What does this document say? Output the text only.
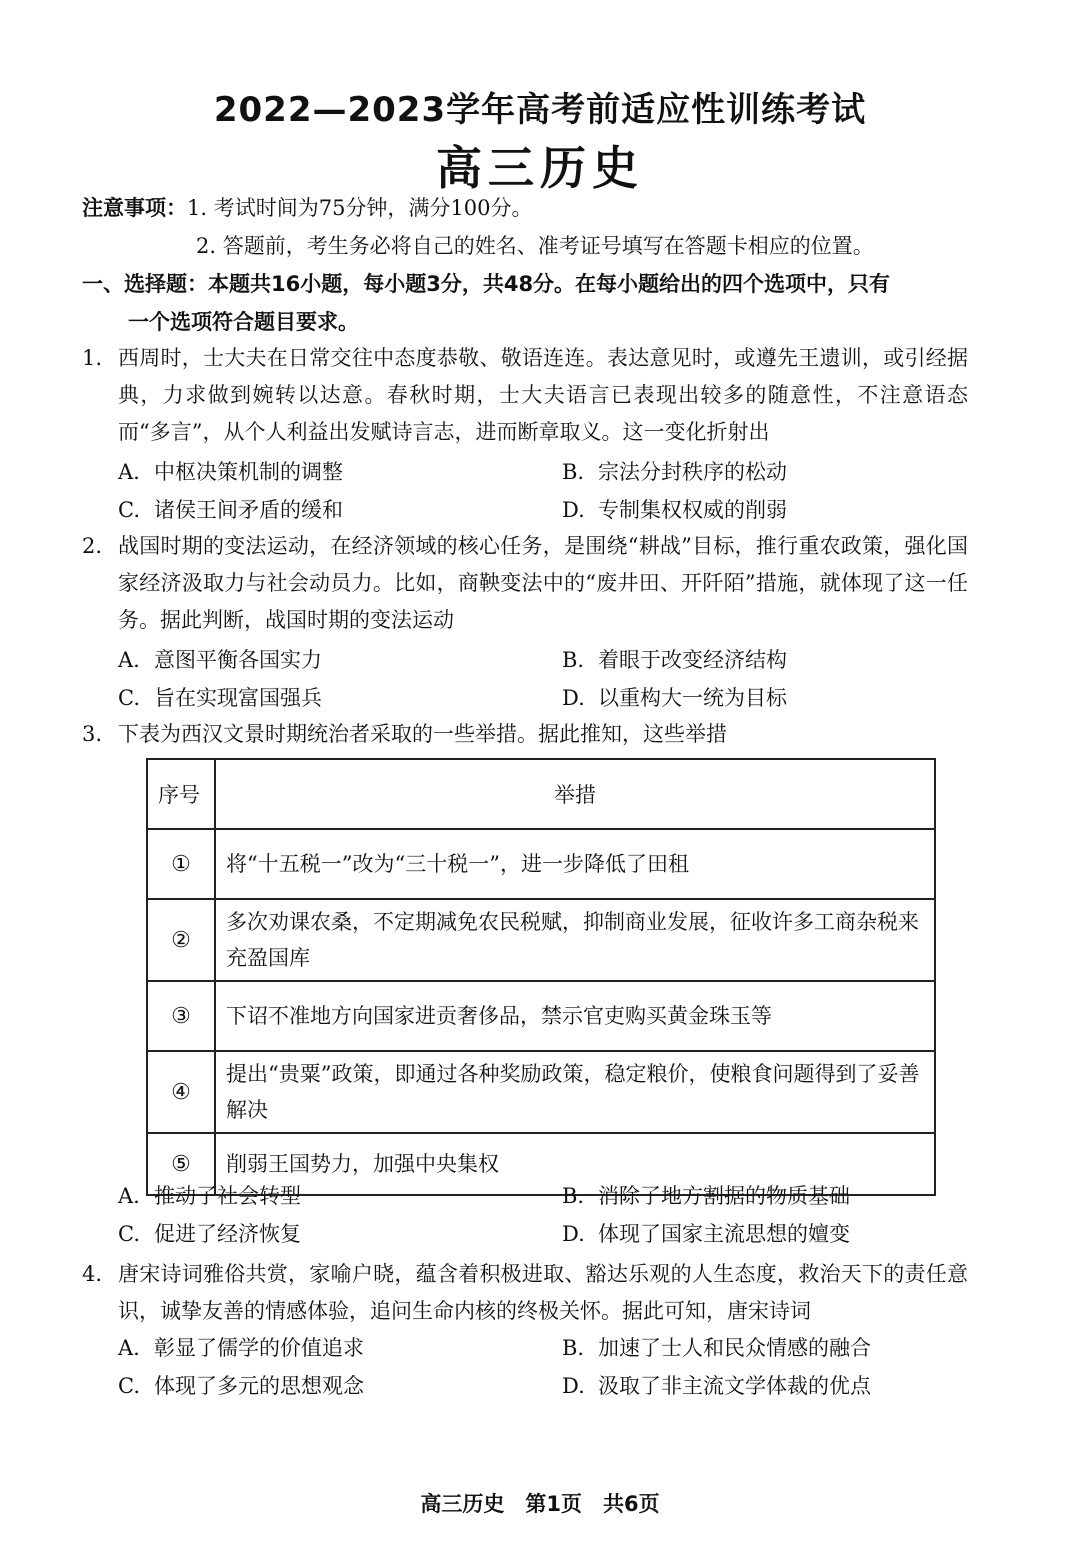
2022—2023学年高考前适应性训练考试
高三历史
注意事项：1. 考试时间为75分钟，满分100分。
2. 答题前，考生务必将自己的姓名、准考证号填写在答题卡相应的位置。
一、选择题：本题共16小题，每小题3分，共48分。在每小题给出的四个选项中，只有
一个选项符合题目要求。
1. 西周时，士大夫在日常交往中态度恭敬、敬语连连。表达意见时，或遵先王遗训，或引经据典，力求做到婉转以达意。春秋时期，士大夫语言已表现出较多的随意性，不注意语态而“多言”，从个人利益出发赋诗言志，进而断章取义。这一变化折射出
A. 中枢决策机制的调整	B. 宗法分封秩序的松动
C. 诸侯王间矛盾的缓和	D. 专制集权权威的削弱
2. 战国时期的变法运动，在经济领域的核心任务，是围绕“耕战”目标，推行重农政策，强化国家经济汲取力与社会动员力。比如，商鞅变法中的“废井田、开阡陌”措施，就体现了这一任务。据此判断，战国时期的变法运动
A. 意图平衡各国实力	B. 着眼于改变经济结构
C. 旨在实现富国强兵	D. 以重构大一统为目标
3. 下表为西汉文景时期统治者采取的一些举措。据此推知，这些举措
序号	举措
①	将“十五税一”改为“三十税一”，进一步降低了田租
②	多次劝课农桑，不定期减免农民税赋，抑制商业发展，征收许多工商杂税来充盈国库
③	下诏不准地方向国家进贡奢侈品，禁示官吏购买黄金珠玉等
④	提出“贵粟”政策，即通过各种奖励政策，稳定粮价，使粮食问题得到了妥善解决
⑤	削弱王国势力，加强中央集权
A. 推动了社会转型	B. 消除了地方割据的物质基础
C. 促进了经济恢复	D. 体现了国家主流思想的嬗变
4. 唐宋诗词雅俗共赏，家喻户晓，蕴含着积极进取、豁达乐观的人生态度，救治天下的责任意识，诚挚友善的情感体验，追问生命内核的终极关怀。据此可知，唐宋诗词
A. 彰显了儒学的价值追求	B. 加速了士人和民众情感的融合
C. 体现了多元的思想观念	D. 汲取了非主流文学体裁的优点
高三历史　第1页　共6页
